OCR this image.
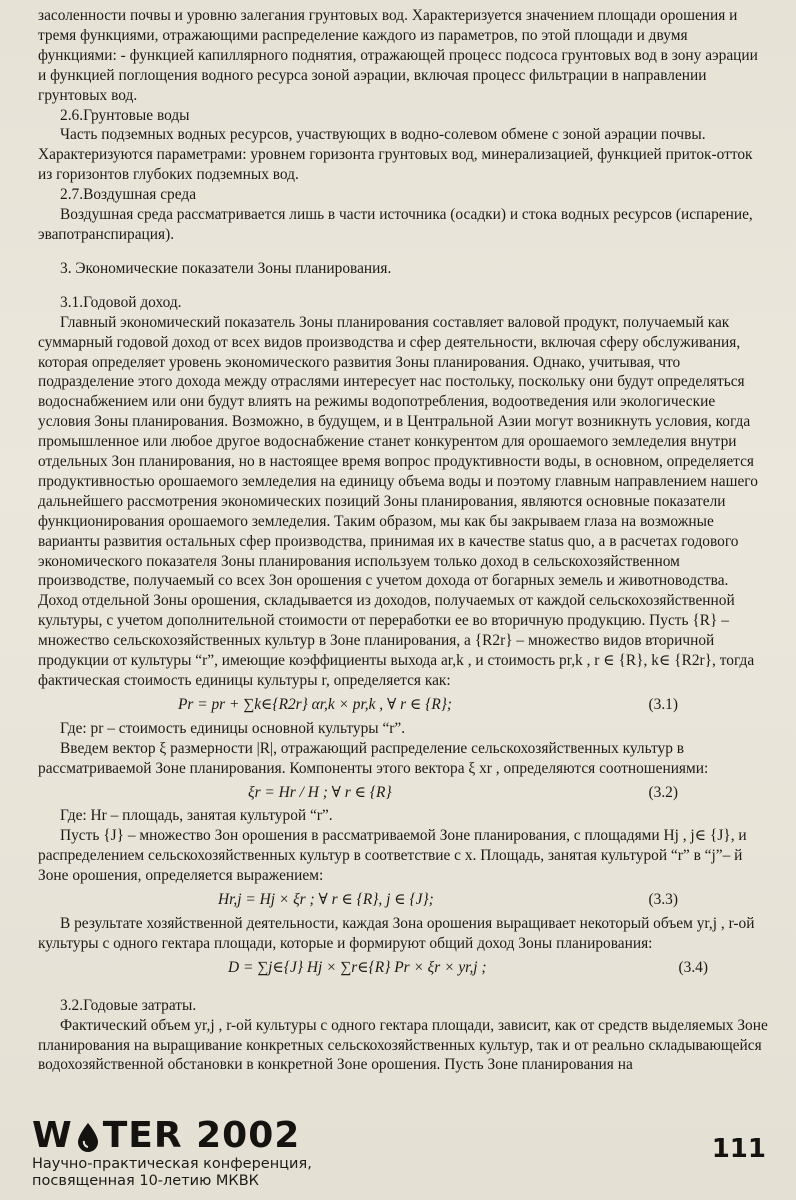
засоленности почвы и уровню залегания грунтовых вод. Характеризуется значением площади орошения и тремя функциями, отражающими распределение каждого из параметров, по этой площади и двумя функциями: - функцией капиллярного поднятия, отражающей процесс подсоса грунтовых вод в зону аэрации и функцией поглощения водного ресурса зоной аэрации, включая процесс фильтрации в направлении грунтовых вод.

2.6.Грунтовые воды

Часть подземных водных ресурсов, участвующих в водно-солевом обмене с зоной аэрации почвы. Характеризуются параметрами: уровнем горизонта грунтовых вод, минерализацией, функцией приток-отток из горизонтов глубоких подземных вод.

2.7.Воздушная среда

Воздушная среда рассматривается лишь в части источника (осадки) и стока водных ресурсов (испарение, эвапотранспирация).

3. Экономические показатели Зоны планирования.

3.1.Годовой доход.

Главный экономический показатель Зоны планирования составляет валовой продукт, получаемый как суммарный годовой доход от всех видов производства и сфер деятельности, включая сферу обслуживания, которая определяет уровень экономического развития Зоны планирования. Однако, учитывая, что подразделение этого дохода между отраслями интересует нас постольку, поскольку они будут определяться водоснабжением или они будут влиять на режимы водопотребления, водоотведения или экологические условия Зоны планирования. Возможно, в будущем, и в Центральной Азии могут возникнуть условия, когда промышленное или любое другое водоснабжение станет конкурентом для орошаемого земледелия внутри отдельных Зон планирования, но в настоящее время вопрос продуктивности воды, в основном, определяется продуктивностью орошаемого земледелия на единицу объема воды и поэтому главным направлением нашего дальнейшего рассмотрения экономических позиций Зоны планирования, являются основные показатели функционирования орошаемого земледелия. Таким образом, мы как бы закрываем глаза на возможные варианты развития остальных сфер производства, принимая их в качестве status quo, а в расчетах годового экономического показателя Зоны планирования используем только доход в сельскохозяйственном производстве, получаемый со всех Зон орошения с учетом дохода от богарных земель и животноводства. Доход отдельной Зоны орошения, складывается из доходов, получаемых от каждой сельскохозяйственной культуры, с учетом дополнительной стоимости от переработки ее во вторичную продукцию. Пусть {R} –множество сельскохозяйственных культур в Зоне планирования, а {R2r} – множество видов вторичной продукции от культуры “r”, имеющие коэффициенты выхода ar,k , и стоимость pr,k , r ∈ {R}, k∈ {R2r}, тогда фактическая стоимость единицы культуры r, определяется как:

Pr = pr + ∑k∈{R2r} αr,k × pr,k , ∀ r ∈ {R};	(3.1)

Где: pr – стоимость единицы основной культуры “r”.

Введем вектор ξ размерности |R|, отражающий распределение сельскохозяйственных культур в рассматриваемой Зоне планирования. Компоненты этого вектора ξ xr , определяются соотношениями:

ξr = Hr / H ; ∀ r ∈ {R}	(3.2)

Где: Hr – площадь, занятая культурой “r”.

Пусть {J} – множество Зон орошения в рассматриваемой Зоне планирования, с площадями Hj , j∈ {J}, и распределением сельскохозяйственных культур в соответствие с x. Площадь, занятая культурой “r” в “j”– й Зоне орошения, определяется выражением:

Hr,j = Hj × ξr ; ∀ r ∈ {R}, j ∈ {J};	(3.3)

В результате хозяйственной деятельности, каждая Зона орошения выращивает некоторый объем yr,j , r-ой культуры с одного гектара площади, которые и формируют общий доход Зоны планирования:

D = ∑j∈{J} Hj × ∑r∈{R} Pr × ξr × yr,j ;	(3.4)

3.2.Годовые затраты.

Фактический объем yr,j , r-ой культуры с одного гектара площади, зависит, как от средств выделяемых Зоне планирования на выращивание конкретных сельскохозяйственных культур, так и от реально складывающейся водохозяйственной обстановки в конкретной Зоне орошения. Пусть Зоне планирования на

W TER 2002
Научно-практическая конференция,
посвященная 10-летию МКВК
111
